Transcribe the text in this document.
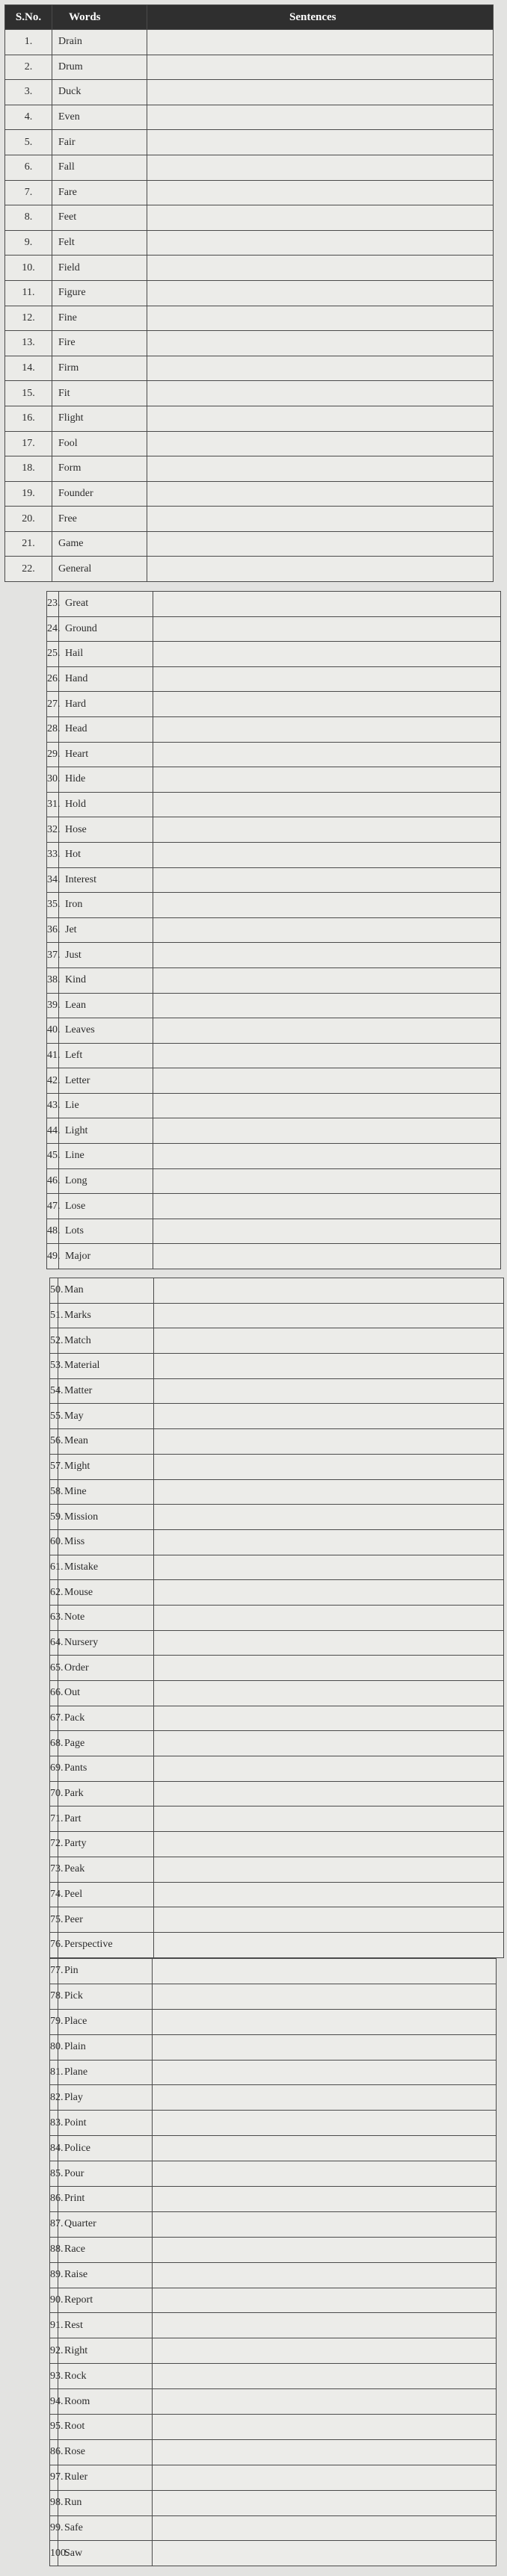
S.No.	Words	Sentences
1.	Drain	
2.	Drum	
3.	Duck	
4.	Even	
5.	Fair	
6.	Fall	
7.	Fare	
8.	Feet	
9.	Felt	
10.	Field	
11.	Figure	
12.	Fine	
13.	Fire	
14.	Firm	
15.	Fit	
16.	Flight	
17.	Fool	
18.	Form	
19.	Founder	
20.	Free	
21.	Game	
22.	General	
23.	Great	
24.	Ground	
25.	Hail	
26.	Hand	
27.	Hard	
28.	Head	
29.	Heart	
30.	Hide	
31.	Hold	
32.	Hose	
33.	Hot	
34.	Interest	
35.	Iron	
36.	Jet	
37.	Just	
38.	Kind	
39.	Lean	
40.	Leaves	
41.	Left	
42.	Letter	
43.	Lie	
44.	Light	
45.	Line	
46.	Long	
47.	Lose	
48.	Lots	
49.	Major	
50.	Man	
51.	Marks	
52.	Match	
53.	Material	
54.	Matter	
55.	May	
56.	Mean	
57.	Might	
58.	Mine	
59.	Mission	
60.	Miss	
61.	Mistake	
62.	Mouse	
63.	Note	
64.	Nursery	
65.	Order	
66.	Out	
67.	Pack	
68.	Page	
69.	Pants	
70.	Park	
71.	Part	
72.	Party	
73.	Peak	
74.	Peel	
75.	Peer	
76.	Perspective	
77.	Pin	
78.	Pick	
79.	Place	
80.	Plain	
81.	Plane	
82.	Play	
83.	Point	
84.	Police	
85.	Pour	
86.	Print	
87.	Quarter	
88.	Race	
89.	Raise	
90.	Report	
91.	Rest	
92.	Right	
93.	Rock	
94.	Room	
95.	Root	
86.	Rose	
97.	Ruler	
98.	Run	
99.	Safe	
100.	Saw	
